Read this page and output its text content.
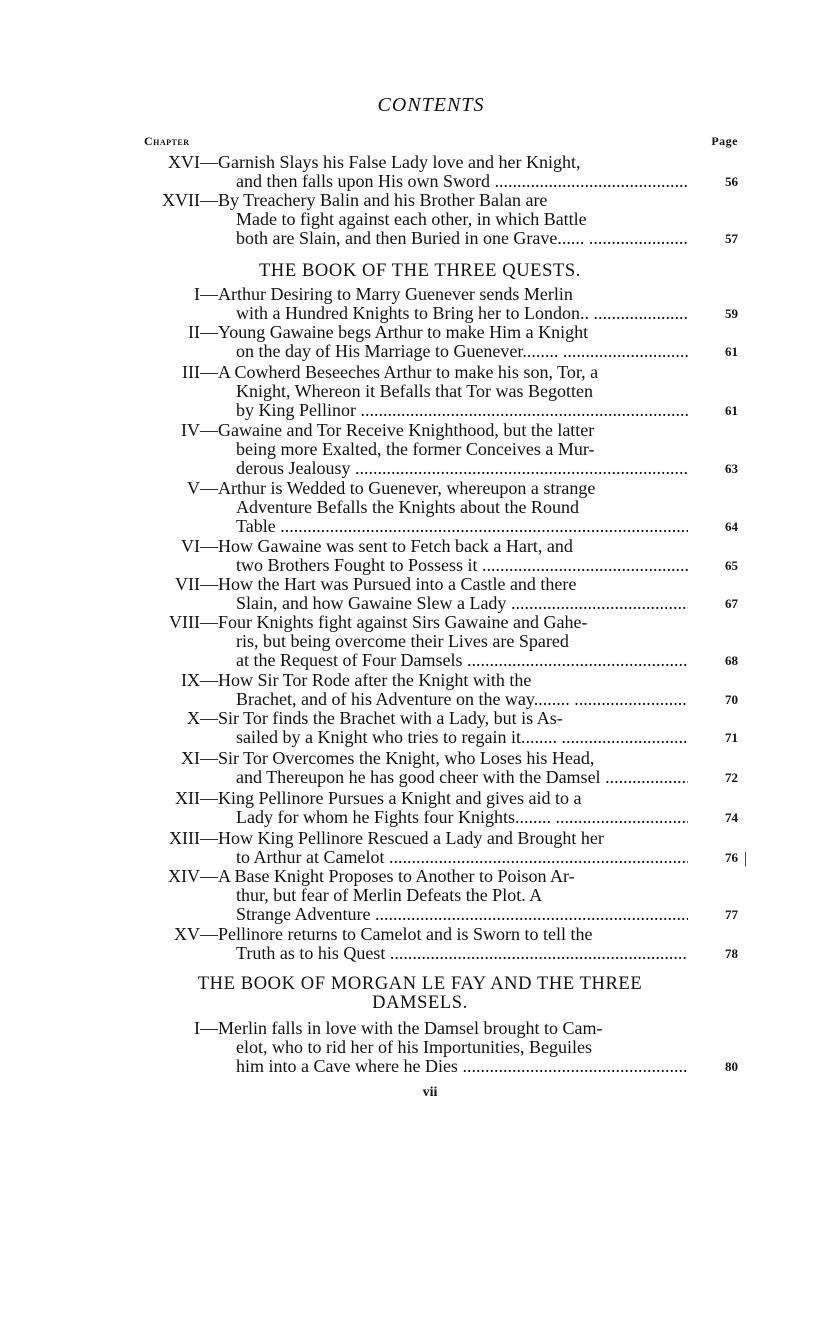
CONTENTS
Chapter	Page
XVI— Garnish Slays his False Lady love and her Knight,
and then falls upon His own Sword .....	56
XVII— By Treachery Balin and his Brother Balan are
Made to fight against each other, in which Battle
both are Slain, and then Buried in one Grave...... .....	57
THE BOOK OF THE THREE QUESTS.
I— Arthur Desiring to Marry Guenever sends Merlin
with a Hundred Knights to Bring her to London.. .....	59
II— Young Gawaine begs Arthur to make Him a Knight
on the day of His Marriage to Guenever........ .....	61
III— A Cowherd Beseeches Arthur to make his son, Tor, a
Knight, Whereon it Befalls that Tor was Begotten
by King Pellinor .....	61
IV— Gawaine and Tor Receive Knighthood, but the latter
being more Exalted, the former Conceives a Mur-
derous Jealousy .....	63
V— Arthur is Wedded to Guenever, whereupon a strange
Adventure Befalls the Knights about the Round
Table .....	64
VI— How Gawaine was sent to Fetch back a Hart, and
two Brothers Fought to Possess it .....	65
VII— How the Hart was Pursued into a Castle and there
Slain, and how Gawaine Slew a Lady .....	67
VIII— Four Knights fight against Sirs Gawaine and Gahe-
ris, but being overcome their Lives are Spared
at the Request of Four Damsels .....	68
IX— How Sir Tor Rode after the Knight with the
Brachet, and of his Adventure on the way........ .....	70
X— Sir Tor finds the Brachet with a Lady, but is As-
sailed by a Knight who tries to regain it........ .....	71
XI— Sir Tor Overcomes the Knight, who Loses his Head,
and Thereupon he has good cheer with the Damsel .....	72
XII— King Pellinore Pursues a Knight and gives aid to a
Lady for whom he Fights four Knights........ .....	74
XIII— How King Pellinore Rescued a Lady and Brought her
to Arthur at Camelot .....	76
XIV— A Base Knight Proposes to Another to Poison Ar-
thur, but fear of Merlin Defeats the Plot. A
Strange Adventure .....	77
XV— Pellinore returns to Camelot and is Sworn to tell the
Truth as to his Quest .....	78
THE BOOK OF MORGAN LE FAY AND THE THREE
DAMSELS.
I— Merlin falls in love with the Damsel brought to Cam-
elot, who to rid her of his Importunities, Beguiles
him into a Cave where he Dies .....	80
|
vii
